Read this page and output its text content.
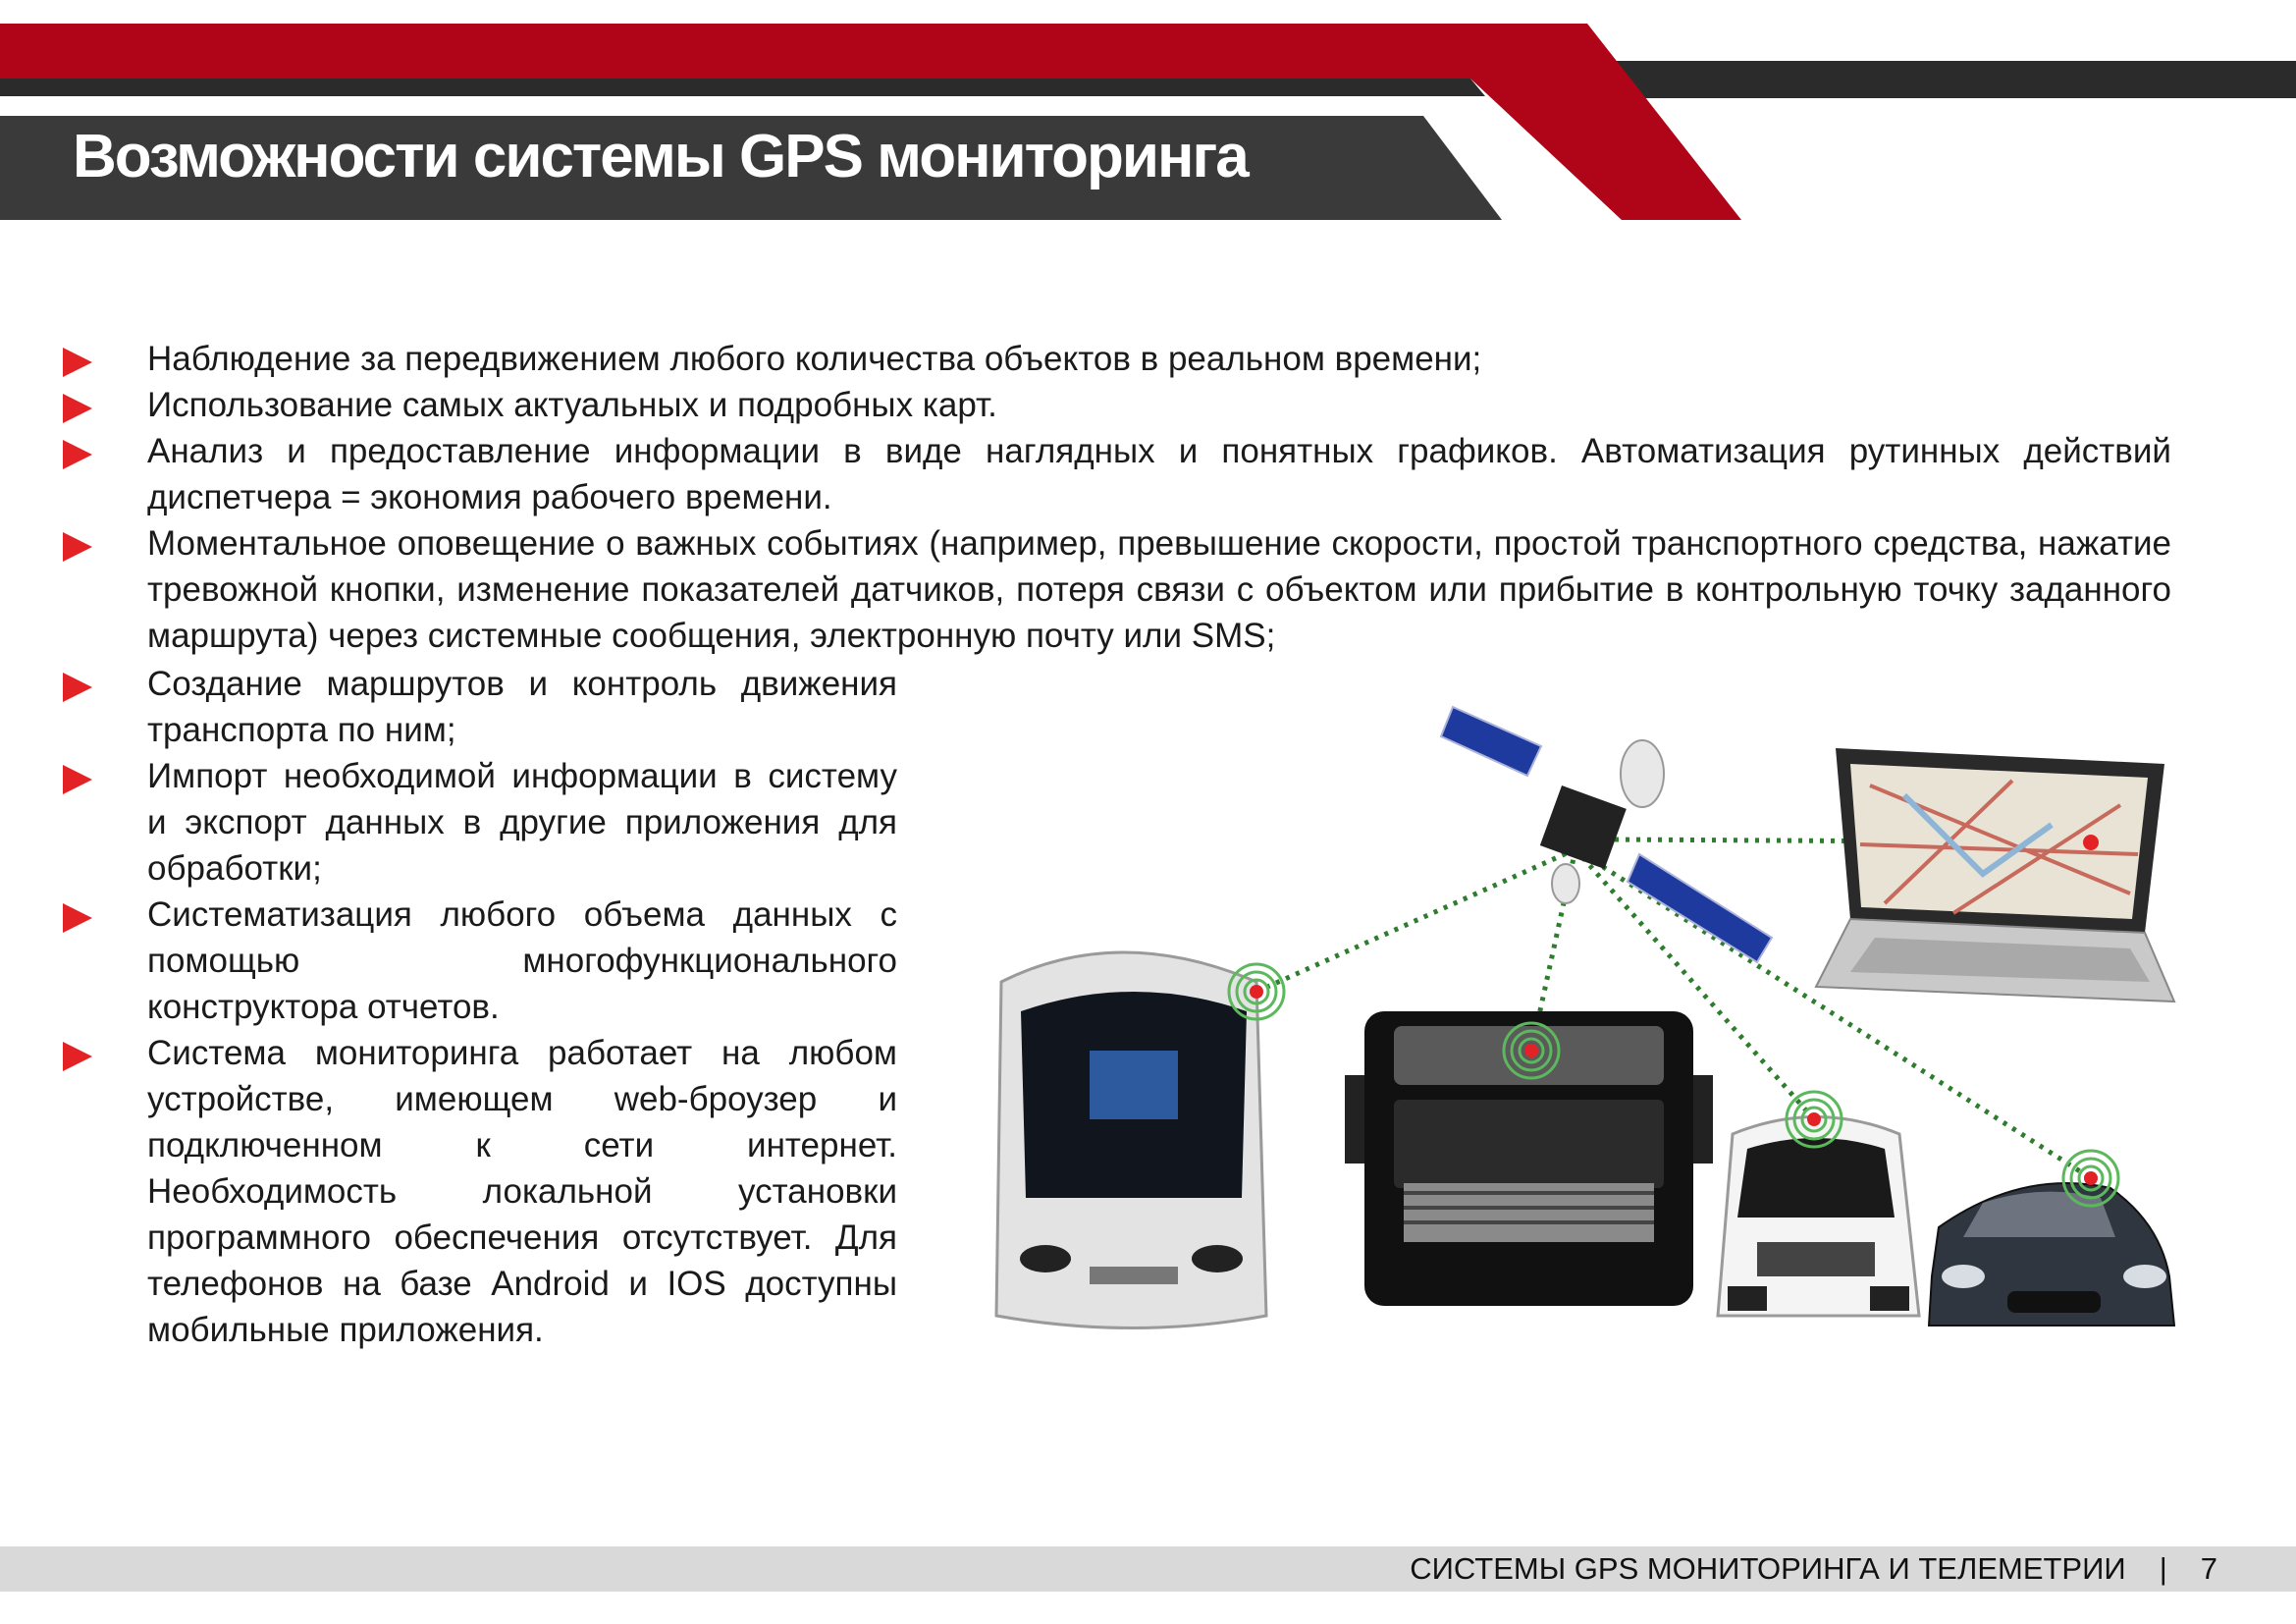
Возможности системы GPS мониторинга
Наблюдение за передвижением любого количества объектов в реальном времени;
Использование самых актуальных и подробных карт.
Анализ и предоставление информации в виде наглядных и понятных графиков. Автоматизация рутинных действий диспетчера = экономия рабочего времени.
Моментальное оповещение о важных событиях (например, превышение скорости, простой транспортного средства, нажатие тревожной кнопки, изменение показателей датчиков, потеря связи с объектом или прибытие в контрольную точку заданного маршрута) через системные сообщения, электронную почту или SMS;
Создание маршрутов и контроль движения транспорта по ним;
Импорт необходимой информации в систему и экспорт данных в другие приложения для обработки;
Систематизация любого объема данных с помощью многофункционального конструктора отчетов.
Система мониторинга работает на любом устройстве, имеющем web-броузер и подключенном к сети интернет. Необходимость локальной установки программного обеспечения отсутствует. Для телефонов на базе Android и IOS доступны мобильные приложения.
СИСТЕМЫ GPS МОНИТОРИНГА И ТЕЛЕМЕТРИИ | 7
